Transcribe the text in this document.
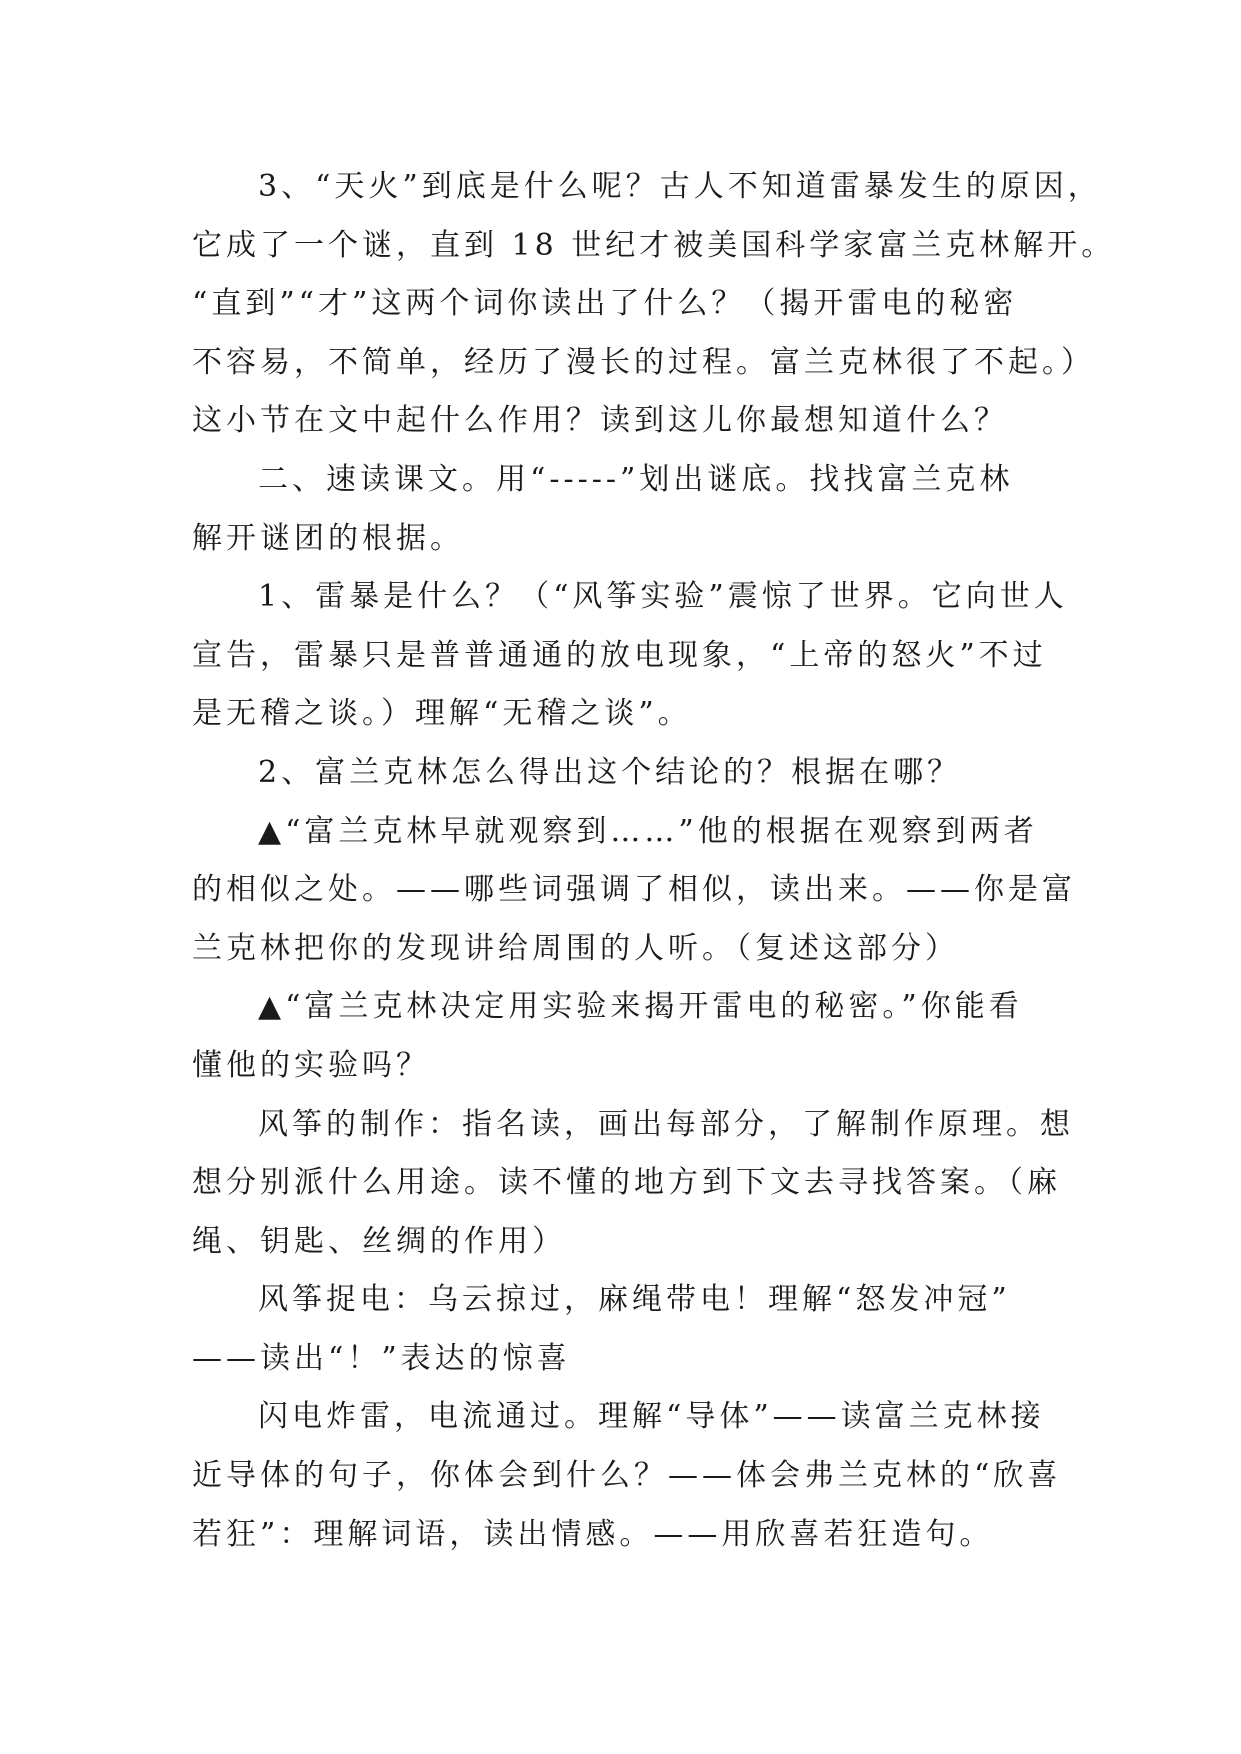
3、“天火”到底是什么呢？古人不知道雷暴发生的原因，
它成了一个谜，直到 18 世纪才被美国科学家富兰克林解开。
“直到”“才”这两个词你读出了什么？（揭开雷电的秘密
不容易，不简单，经历了漫长的过程。富兰克林很了不起。）
这小节在文中起什么作用？读到这儿你最想知道什么？
二、速读课文。用“-----”划出谜底。找找富兰克林
解开谜团的根据。
1、雷暴是什么？（“风筝实验”震惊了世界。它向世人
宣告，雷暴只是普普通通的放电现象，“上帝的怒火”不过
是无稽之谈。）理解“无稽之谈”。
2、富兰克林怎么得出这个结论的？根据在哪？
▲“富兰克林早就观察到……”他的根据在观察到两者
的相似之处。——哪些词强调了相似，读出来。——你是富
兰克林把你的发现讲给周围的人听。（复述这部分）
▲“富兰克林决定用实验来揭开雷电的秘密。”你能看
懂他的实验吗？
风筝的制作：指名读，画出每部分，了解制作原理。想
想分别派什么用途。读不懂的地方到下文去寻找答案。（麻
绳、钥匙、丝绸的作用）
风筝捉电：乌云掠过，麻绳带电！理解“怒发冲冠”
——读出“！”表达的惊喜
闪电炸雷，电流通过。理解“导体”——读富兰克林接
近导体的句子，你体会到什么？——体会弗兰克林的“欣喜
若狂”：理解词语，读出情感。——用欣喜若狂造句。
